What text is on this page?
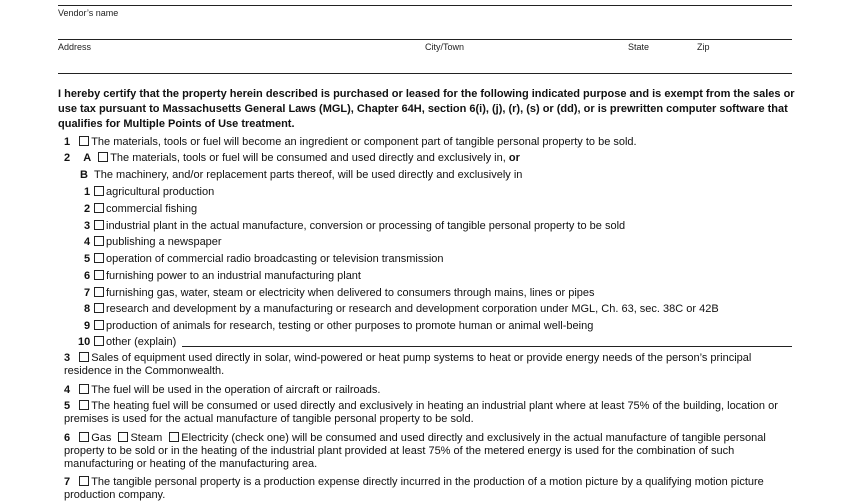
Vendor’s name
Address	City/Town	State	Zip
I hereby certify that the property herein described is purchased or leased for the following indicated purpose and is exempt from the sales or use tax pursuant to Massachusetts General Laws (MGL), Chapter 64H, section 6(i), (j), (r), (s) or (dd), or is prewritten computer software that qualifies for Multiple Points of Use treatment.
1 The materials, tools or fuel will become an ingredient or component part of tangible personal property to be sold.
2 A The materials, tools or fuel will be consumed and used directly and exclusively in, or
B The machinery, and/or replacement parts thereof, will be used directly and exclusively in
1 agricultural production
2 commercial fishing
3 industrial plant in the actual manufacture, conversion or processing of tangible personal property to be sold
4 publishing a newspaper
5 operation of commercial radio broadcasting or television transmission
6 furnishing power to an industrial manufacturing plant
7 furnishing gas, water, steam or electricity when delivered to consumers through mains, lines or pipes
8 research and development by a manufacturing or research and development corporation under MGL, Ch. 63, sec. 38C or 42B
9 production of animals for research, testing or other purposes to promote human or animal well-being
10 other (explain)
3 Sales of equipment used directly in solar, wind-powered or heat pump systems to heat or provide energy needs of the person’s principal residence in the Commonwealth.
4 The fuel will be used in the operation of aircraft or railroads.
5 The heating fuel will be consumed or used directly and exclusively in heating an industrial plant where at least 75% of the building, location or premises is used for the actual manufacture of tangible personal property to be sold.
6 Gas Steam Electricity (check one) will be consumed and used directly and exclusively in the actual manufacture of tangible personal property to be sold or in the heating of the industrial plant provided at least 75% of the metered energy is used for the combination of such manufacturing or heating of the manufacturing area.
7 The tangible personal property is a production expense directly incurred in the production of a motion picture by a qualifying motion picture production company.
